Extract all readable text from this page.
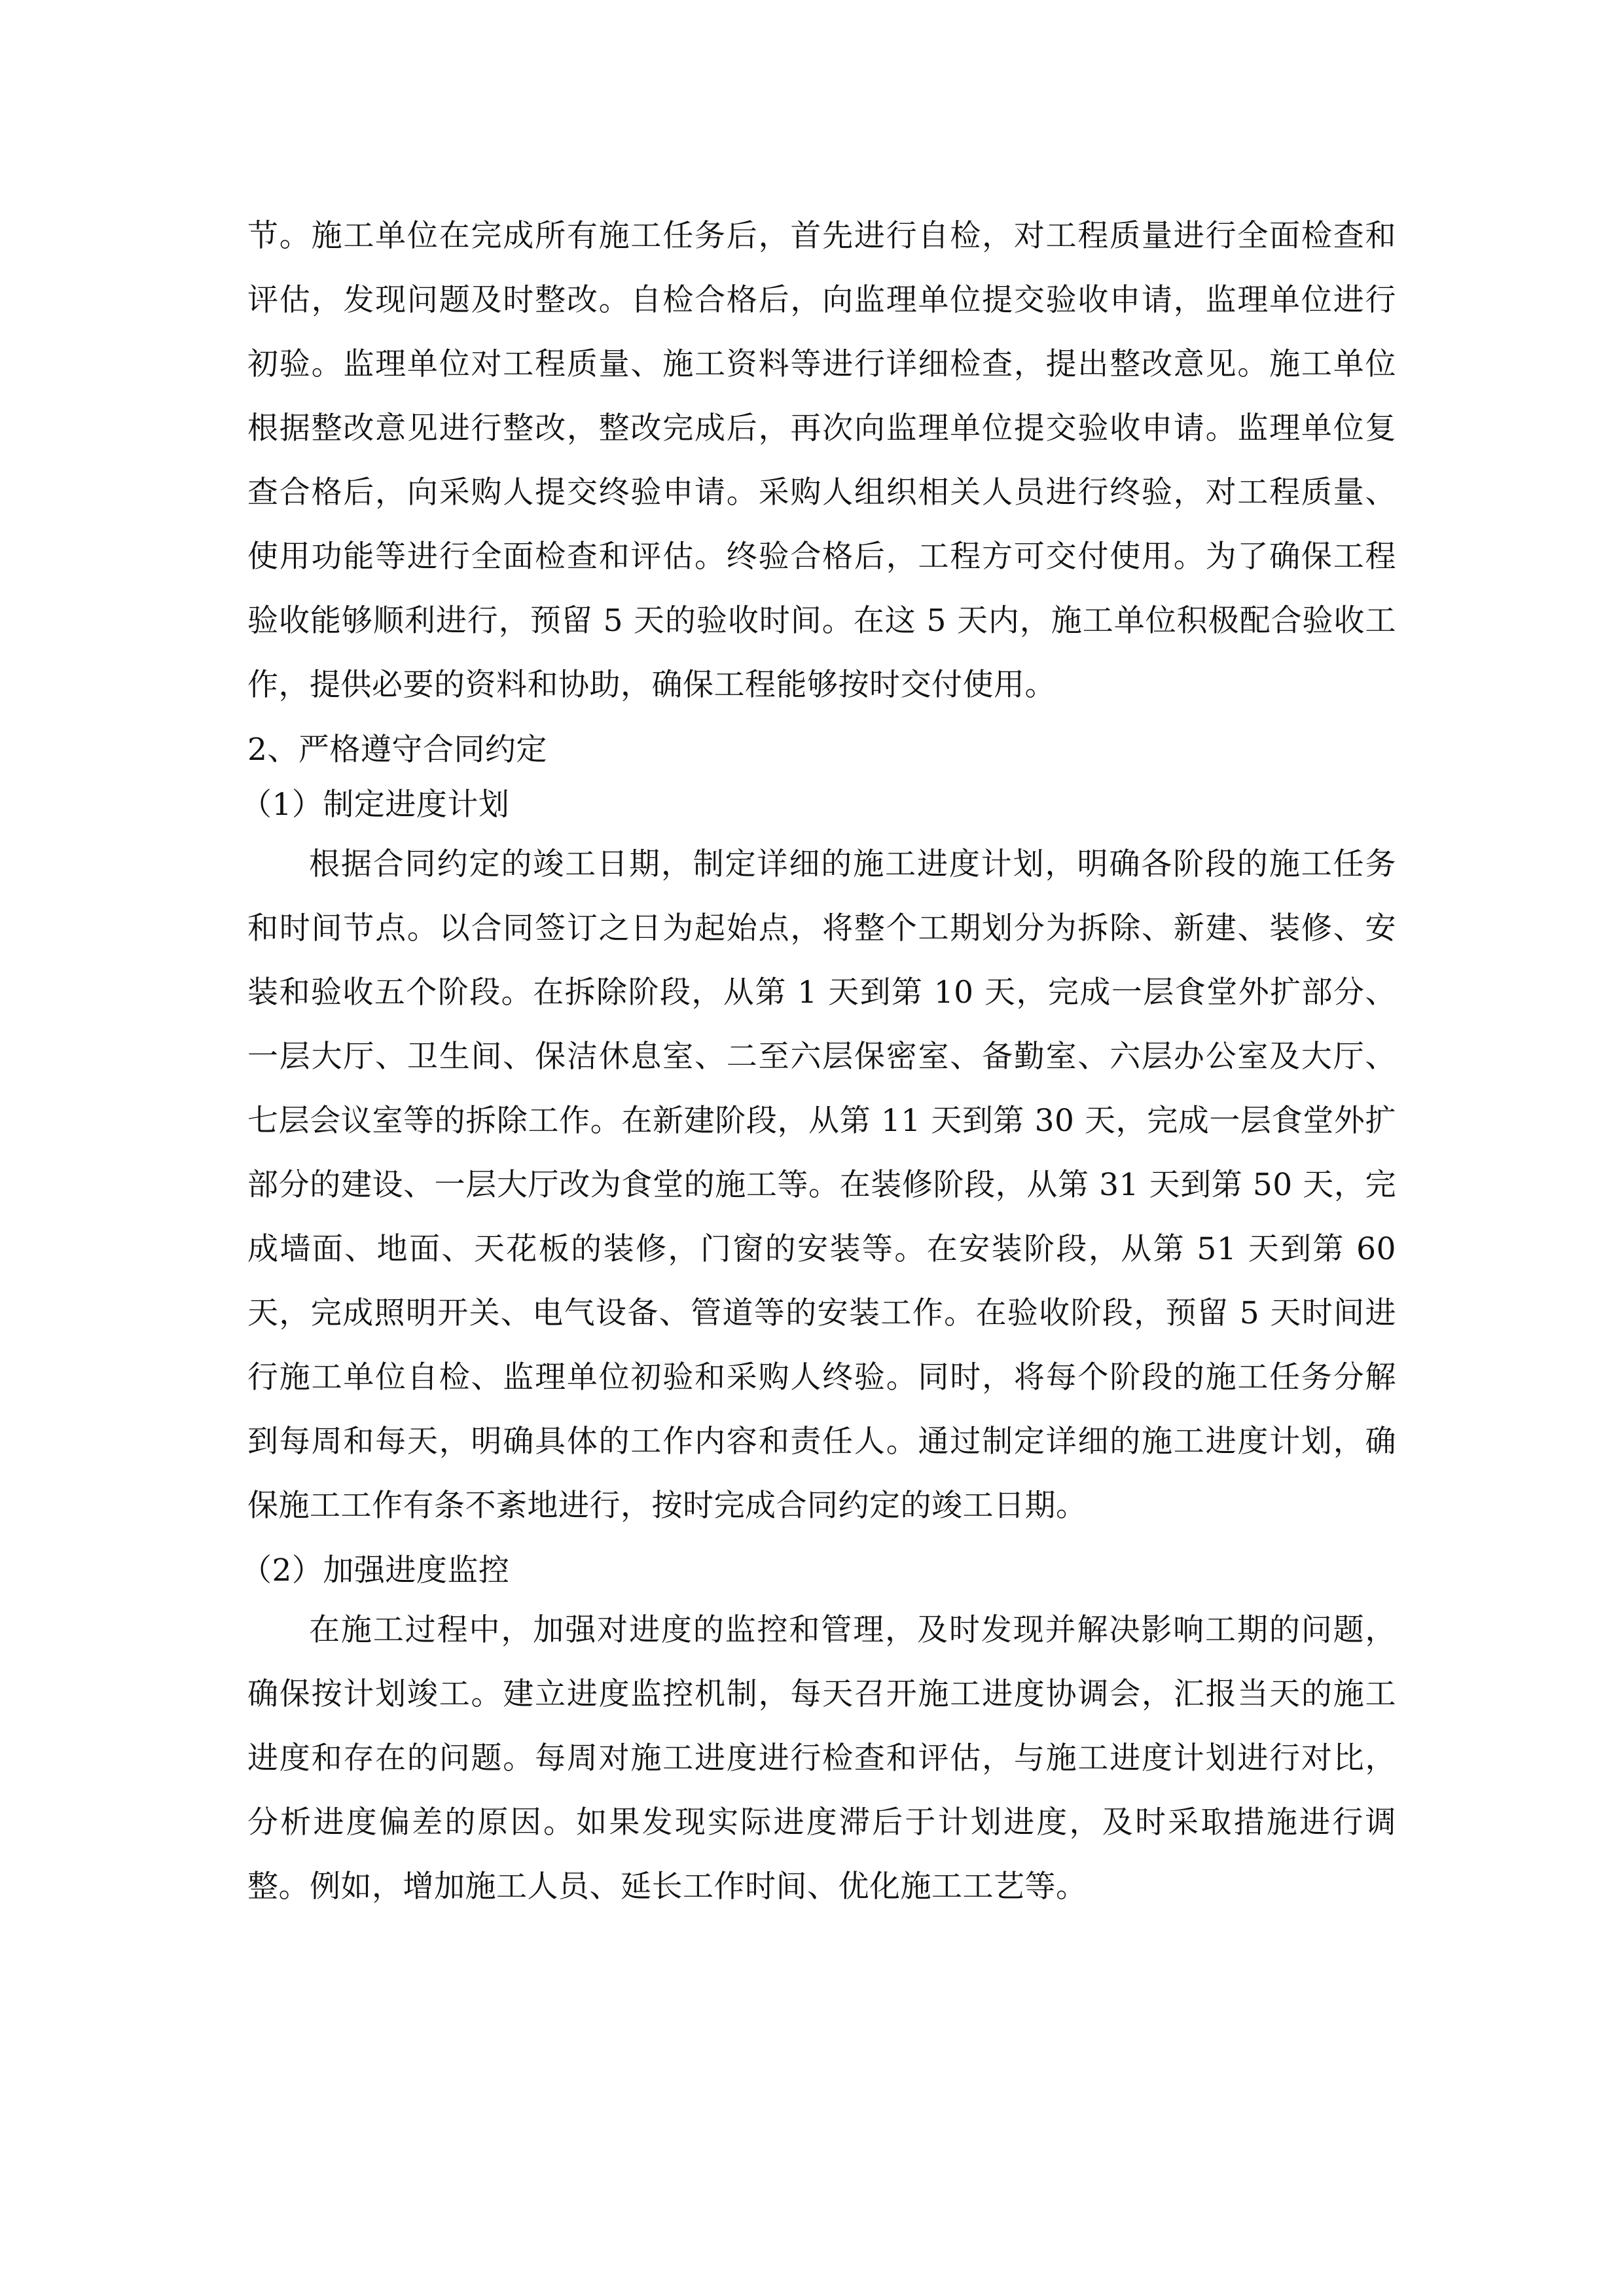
节。施工单位在完成所有施工任务后，首先进行自检，对工程质量进行全面检查和评估，发现问题及时整改。自检合格后，向监理单位提交验收申请，监理单位进行初验。监理单位对工程质量、施工资料等进行详细检查，提出整改意见。施工单位根据整改意见进行整改，整改完成后，再次向监理单位提交验收申请。监理单位复查合格后，向采购人提交终验申请。采购人组织相关人员进行终验，对工程质量、使用功能等进行全面检查和评估。终验合格后，工程方可交付使用。为了确保工程验收能够顺利进行，预留 5 天的验收时间。在这 5 天内，施工单位积极配合验收工作，提供必要的资料和协助，确保工程能够按时交付使用。

2、严格遵守合同约定

（1）制定进度计划

根据合同约定的竣工日期，制定详细的施工进度计划，明确各阶段的施工任务和时间节点。以合同签订之日为起始点，将整个工期划分为拆除、新建、装修、安装和验收五个阶段。在拆除阶段，从第 1 天到第 10 天，完成一层食堂外扩部分、一层大厅、卫生间、保洁休息室、二至六层保密室、备勤室、六层办公室及大厅、七层会议室等的拆除工作。在新建阶段，从第 11 天到第 30 天，完成一层食堂外扩部分的建设、一层大厅改为食堂的施工等。在装修阶段，从第 31 天到第 50 天，完成墙面、地面、天花板的装修，门窗的安装等。在安装阶段，从第 51 天到第 60 天，完成照明开关、电气设备、管道等的安装工作。在验收阶段，预留 5 天时间进行施工单位自检、监理单位初验和采购人终验。同时，将每个阶段的施工任务分解到每周和每天，明确具体的工作内容和责任人。通过制定详细的施工进度计划，确保施工工作有条不紊地进行，按时完成合同约定的竣工日期。

（2）加强进度监控

在施工过程中，加强对进度的监控和管理，及时发现并解决影响工期的问题，确保按计划竣工。建立进度监控机制，每天召开施工进度协调会，汇报当天的施工进度和存在的问题。每周对施工进度进行检查和评估，与施工进度计划进行对比，分析进度偏差的原因。如果发现实际进度滞后于计划进度，及时采取措施进行调整。例如，增加施工人员、延长工作时间、优化施工工艺等。
